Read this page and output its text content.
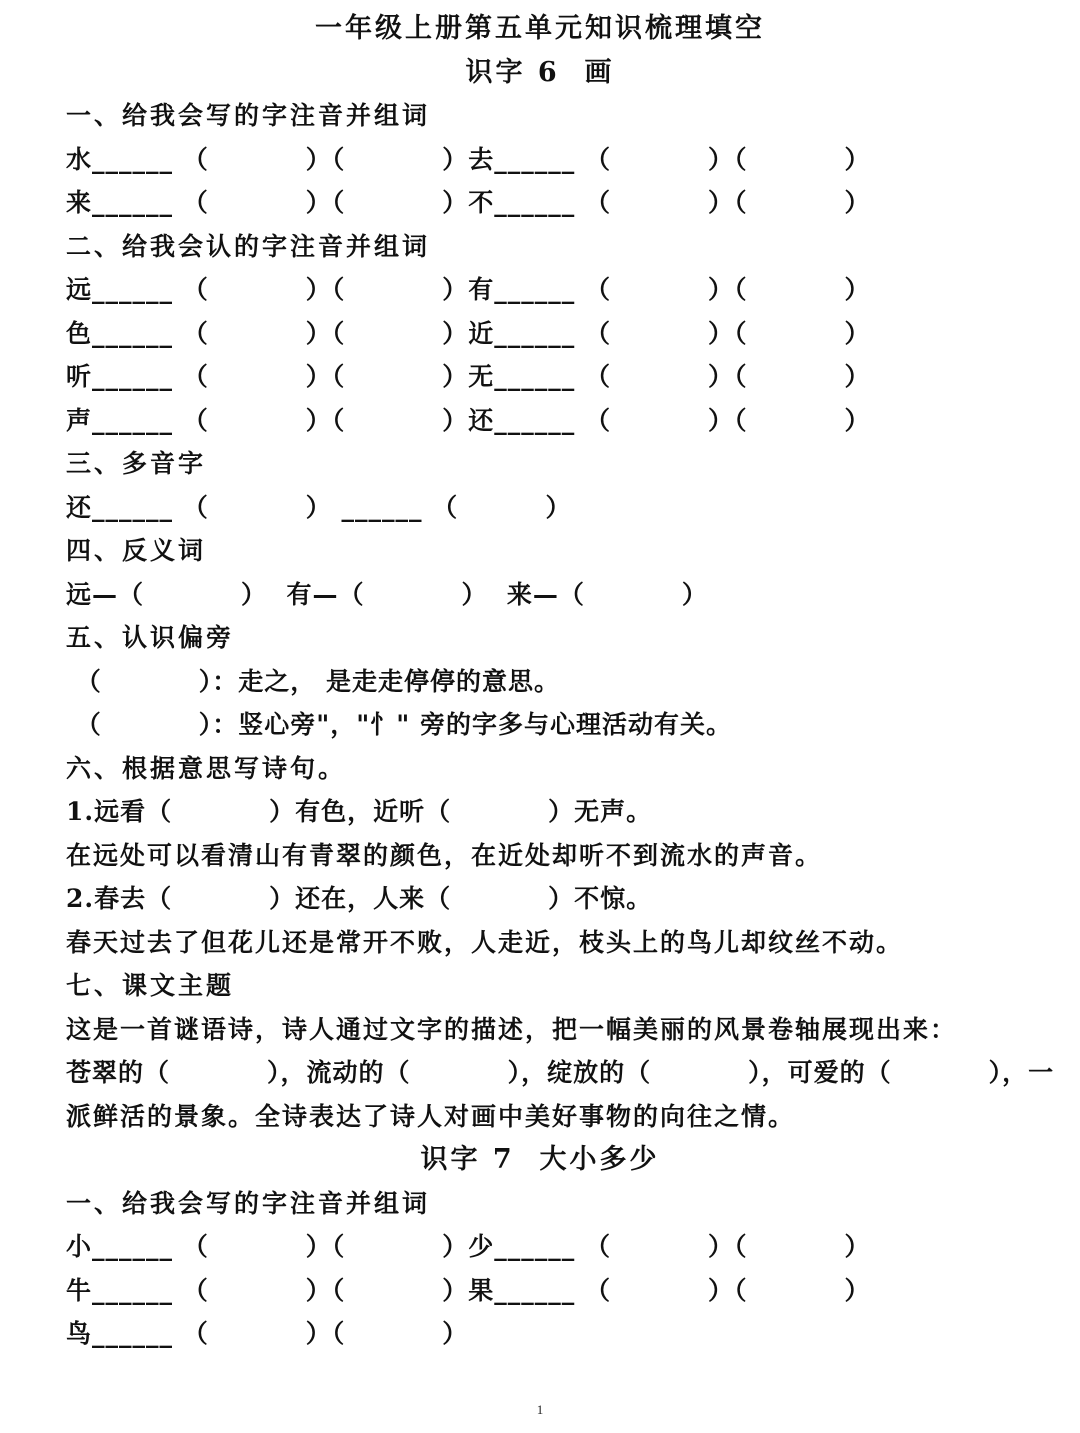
一年级上册第五单元知识梳理填空
识字 6  画
一、给我会写的字注音并组词
水______ （          ）（          ）去______ （          ）（          ）
来______ （          ）（          ）不______ （          ）（          ）
二、给我会认的字注音并组词
远______ （          ）（          ）有______ （          ）（          ）
色______ （          ）（          ）近______ （          ）（          ）
听______ （          ）（          ）无______ （          ）（          ）
声______ （          ）（          ）还______ （          ）（          ）
三、多音字
还______ （          ） ______ （         ）
四、反义词
远—（          ）  有—（          ）  来—（          ）
五、认识偏旁
（          ）：走之， 是走走停停的意思。
（          ）：竖心旁"，"忄" 旁的字多与心理活动有关。
六、根据意思写诗句。
1.远看（          ）有色，近听（          ）无声。
在远处可以看清山有青翠的颜色，在近处却听不到流水的声音。
2.春去（          ）还在，人来（          ）不惊。
春天过去了但花儿还是常开不败，人走近，枝头上的鸟儿却纹丝不动。
七、课文主题
这是一首谜语诗，诗人通过文字的描述，把一幅美丽的风景卷轴展现出来：
苍翠的（          ），流动的（          ），绽放的（          ），可爱的（          ），一
派鲜活的景象。全诗表达了诗人对画中美好事物的向往之情。
识字 7  大小多少
一、给我会写的字注音并组词
小______ （          ）（          ）少______ （          ）（          ）
牛______ （          ）（          ）果______ （          ）（          ）
鸟______ （          ）（          ）
1
